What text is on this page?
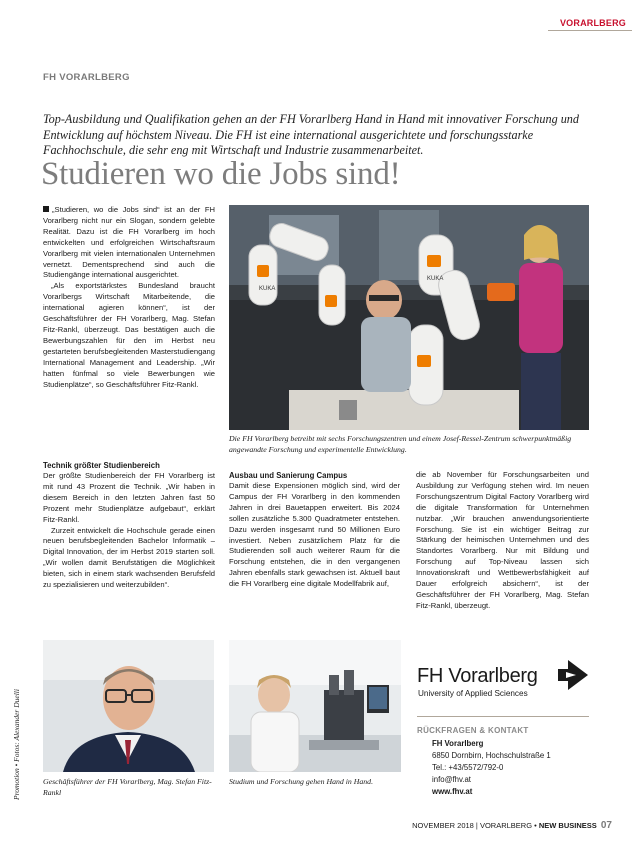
VORARLBERG
FH VORARLBERG
Top-Ausbildung und Qualifikation gehen an der FH Vorarlberg Hand in Hand mit innovativer Forschung und Entwicklung auf höchstem Niveau. Die FH ist eine international ausgerichtete und forschungsstarke Fachhochschule, die sehr eng mit Wirtschaft und Industrie zusammenarbeitet.
Studieren wo die Jobs sind!

„Studieren, wo die Jobs sind“ ist an der FH Vorarlberg nicht nur ein Slogan, sondern gelebte Realität. Dazu ist die FH Vorarlberg im hoch entwickelten und erfolgreichen Wirtschaftsraum Vorarlberg mit vielen internationalen Unternehmen vernetzt. Dementsprechend sind auch die Studiengänge international ausgerichtet.

„Als exportstärkstes Bundesland braucht Vorarlbergs Wirtschaft Mitarbeitende, die international agieren können“, ist der Geschäftsführer der FH Vorarlberg, Mag. Stefan Fitz-Rankl, überzeugt. Das bestätigen auch die Bewerbungszahlen für den im Herbst neu gestarteten berufsbegleitenden Masterstudiengang International Management and Leadership. „Wir hatten fünfmal so viele Bewerbungen wie Studienplätze“, so Geschäftsführer Fitz-Rankl.

Technik größter Studienbereich

Der größte Studienbereich der FH Vorarlberg ist mit rund 43 Prozent die Technik. „Wir haben in diesem Bereich in den letzten Jahren fast 50 Prozent mehr Studienplätze aufgebaut“, erklärt Fitz-Rankl.

Zurzeit entwickelt die Hochschule gerade einen neuen berufsbegleitenden Bachelor Informatik – Digital Innovation, der im Herbst 2019 starten soll. „Wir wollen damit Berufstätigen die Möglichkeit bieten, sich in einem stark wachsenden Berufsfeld zu spezialisieren und weiterzubilden“.

KUKA
KUKA
Die FH Vorarlberg betreibt mit sechs Forschungszentren und einem Josef-Ressel-Zentrum schwerpunktmäßig angewandte Forschung und experimentelle Entwicklung.
Ausbau und Sanierung Campus

Damit diese Expensionen möglich sind, wird der Campus der FH Vorarlberg in den kommenden Jahren in drei Bauetappen erweitert. Bis 2024 sollen zusätzliche 5.300 Quadratmeter entstehen. Dazu werden insgesamt rund 50 Millionen Euro investiert. Neben zusätzlichem Platz für die Studierenden soll auch weiterer Raum für die Forschung entstehen, die in den vergangenen Jahren ebenfalls stark gewachsen ist. Aktuell baut die FH Vorarlberg eine digitale Modellfabrik auf,

die ab November für Forschungsarbeiten und Ausbildung zur Verfügung stehen wird. Im neuen Forschungszentrum Digital Factory Vorarlberg wird die digitale Transformation für Unternehmen nutzbar. „Wir brauchen anwendungsorientierte Forschung. Sie ist ein wichtiger Beitrag zur Stärkung der heimischen Unternehmen und des Standortes Vorarlberg. Nur mit Bildung und Forschung auf Top-Niveau lassen sich Innovationskraft und Wettbewerbsfähigkeit auf Dauer erfolgreich absichern“, ist der Geschäftsführer der FH Vorarlberg, Mag. Stefan Fitz-Rankl, überzeugt.

Geschäftsführer der FH Vorarlberg, Mag. Stefan Fitz-Rankl
Studium und Forschung gehen Hand in Hand.
Promotion • Fotos: Alexander Duelli
FH Vorarlberg
University of Applied Sciences
RÜCKFRAGEN & KONTAKT
FH Vorarlberg
6850 Dornbirn, Hochschulstraße 1
Tel.: +43/5572/792-0
info@fhv.at
www.fhv.at
NOVEMBER 2018 | VORARLBERG • NEW BUSINESS 07
